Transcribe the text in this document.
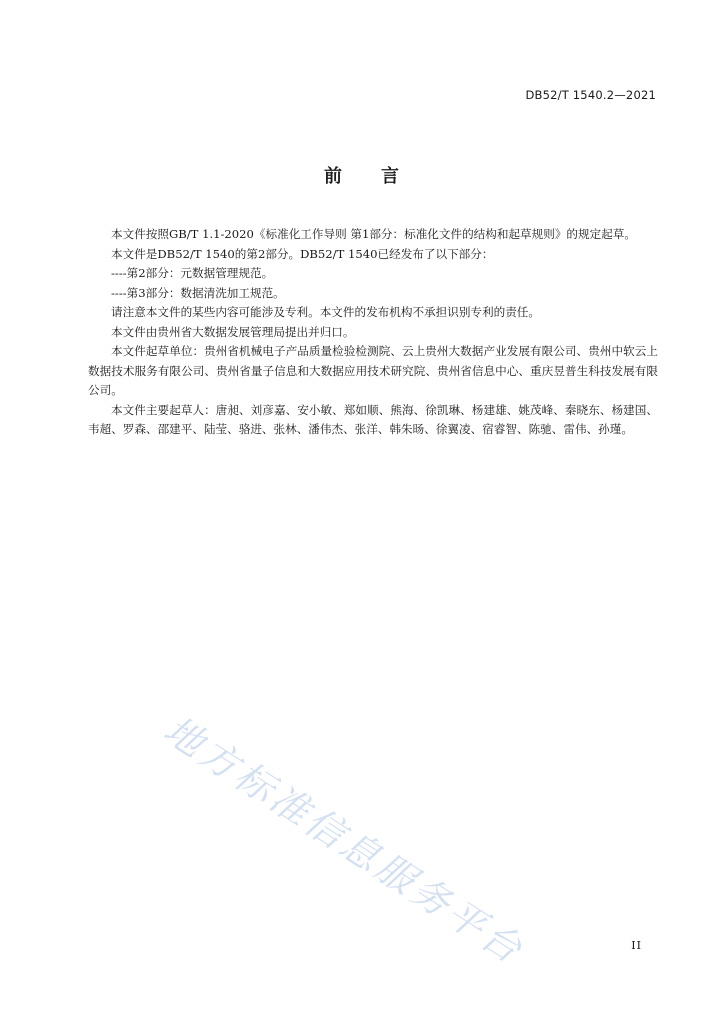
DB52/T 1540.2—2021
前 言

本文件按照GB/T 1.1-2020《标准化工作导则 第1部分：标准化文件的结构和起草规则》的规定起草。

本文件是DB52/T 1540的第2部分。DB52/T 1540已经发布了以下部分：

----第2部分：元数据管理规范。

----第3部分：数据清洗加工规范。

请注意本文件的某些内容可能涉及专利。本文件的发布机构不承担识别专利的责任。

本文件由贵州省大数据发展管理局提出并归口。

本文件起草单位：贵州省机械电子产品质量检验检测院、云上贵州大数据产业发展有限公司、贵州中软云上数据技术服务有限公司、贵州省量子信息和大数据应用技术研究院、贵州省信息中心、重庆昱普生科技发展有限公司。

本文件主要起草人：唐昶、刘彦嘉、安小敏、郑如顺、熊海、徐凯琳、杨建雄、姚茂峰、秦晓东、杨建国、韦超、罗森、邵建平、陆莹、骆进、张林、潘伟杰、张洋、韩朱旸、徐翼凌、宿睿智、陈驰、雷伟、孙瑾。

地方标准信息服务平台	II
